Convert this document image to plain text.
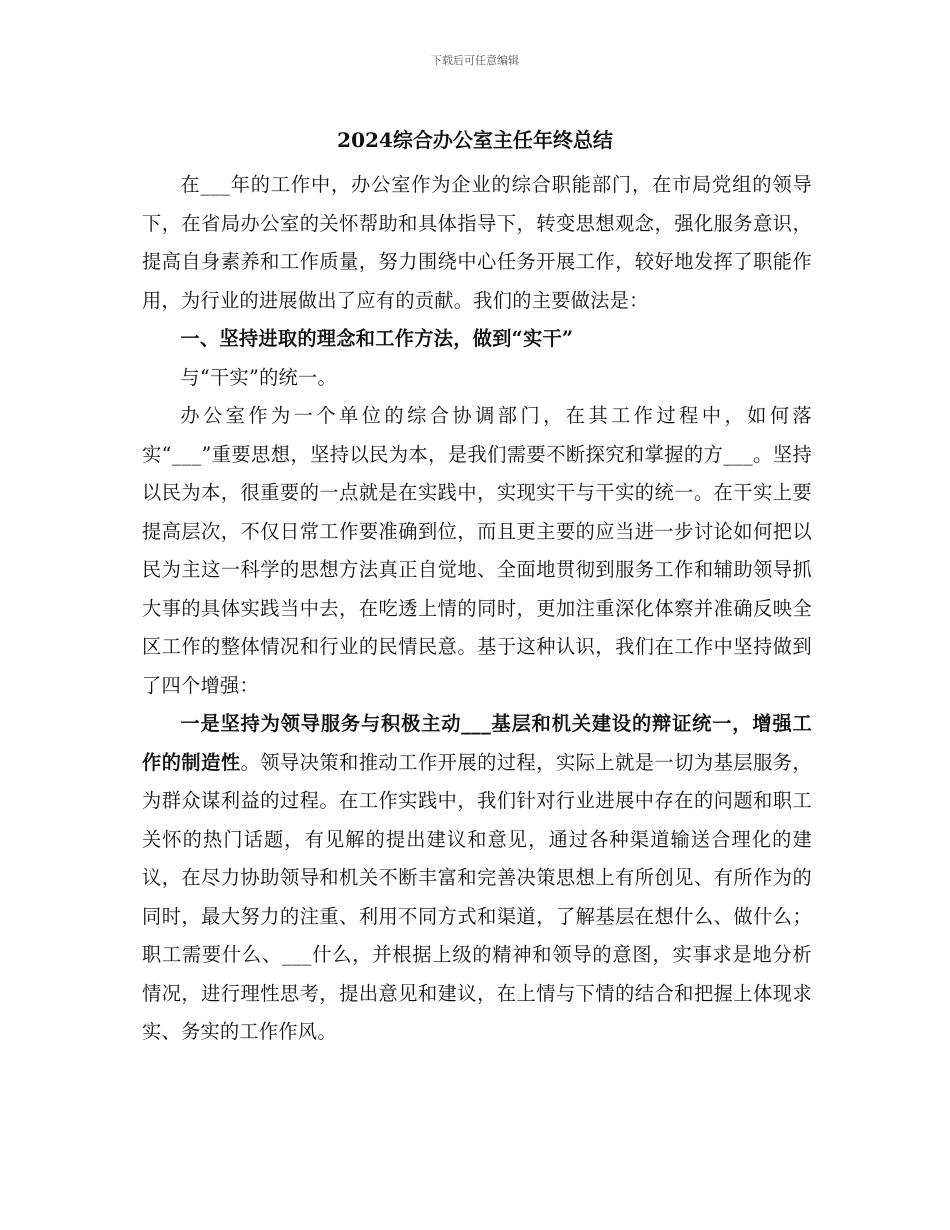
下载后可任意编辑
2024综合办公室主任年终总结

在___年的工作中，办公室作为企业的综合职能部门，在市局党组的领导下，在省局办公室的关怀帮助和具体指导下，转变思想观念，强化服务意识，提高自身素养和工作质量，努力围绕中心任务开展工作，较好地发挥了职能作用，为行业的进展做出了应有的贡献。我们的主要做法是：

一、坚持进取的理念和工作方法，做到“实干”

与“干实”的统一。

办公室作为一个单位的综合协调部门，在其工作过程中，如何落实“___”重要思想，坚持以民为本，是我们需要不断探究和掌握的方___。坚持以民为本，很重要的一点就是在实践中，实现实干与干实的统一。在干实上要提高层次，不仅日常工作要准确到位，而且更主要的应当进一步讨论如何把以民为主这一科学的思想方法真正自觉地、全面地贯彻到服务工作和辅助领导抓大事的具体实践当中去，在吃透上情的同时，更加注重深化体察并准确反映全区工作的整体情况和行业的民情民意。基于这种认识，我们在工作中坚持做到了四个增强：

一是坚持为领导服务与积极主动___基层和机关建设的辩证统一，增强工作的制造性。领导决策和推动工作开展的过程，实际上就是一切为基层服务，为群众谋利益的过程。在工作实践中，我们针对行业进展中存在的问题和职工关怀的热门话题，有见解的提出建议和意见，通过各种渠道输送合理化的建议，在尽力协助领导和机关不断丰富和完善决策思想上有所创见、有所作为的同时，最大努力的注重、利用不同方式和渠道，了解基层在想什么、做什么；职工需要什么、___什么，并根据上级的精神和领导的意图，实事求是地分析情况，进行理性思考，提出意见和建议，在上情与下情的结合和把握上体现求实、务实的工作作风。
